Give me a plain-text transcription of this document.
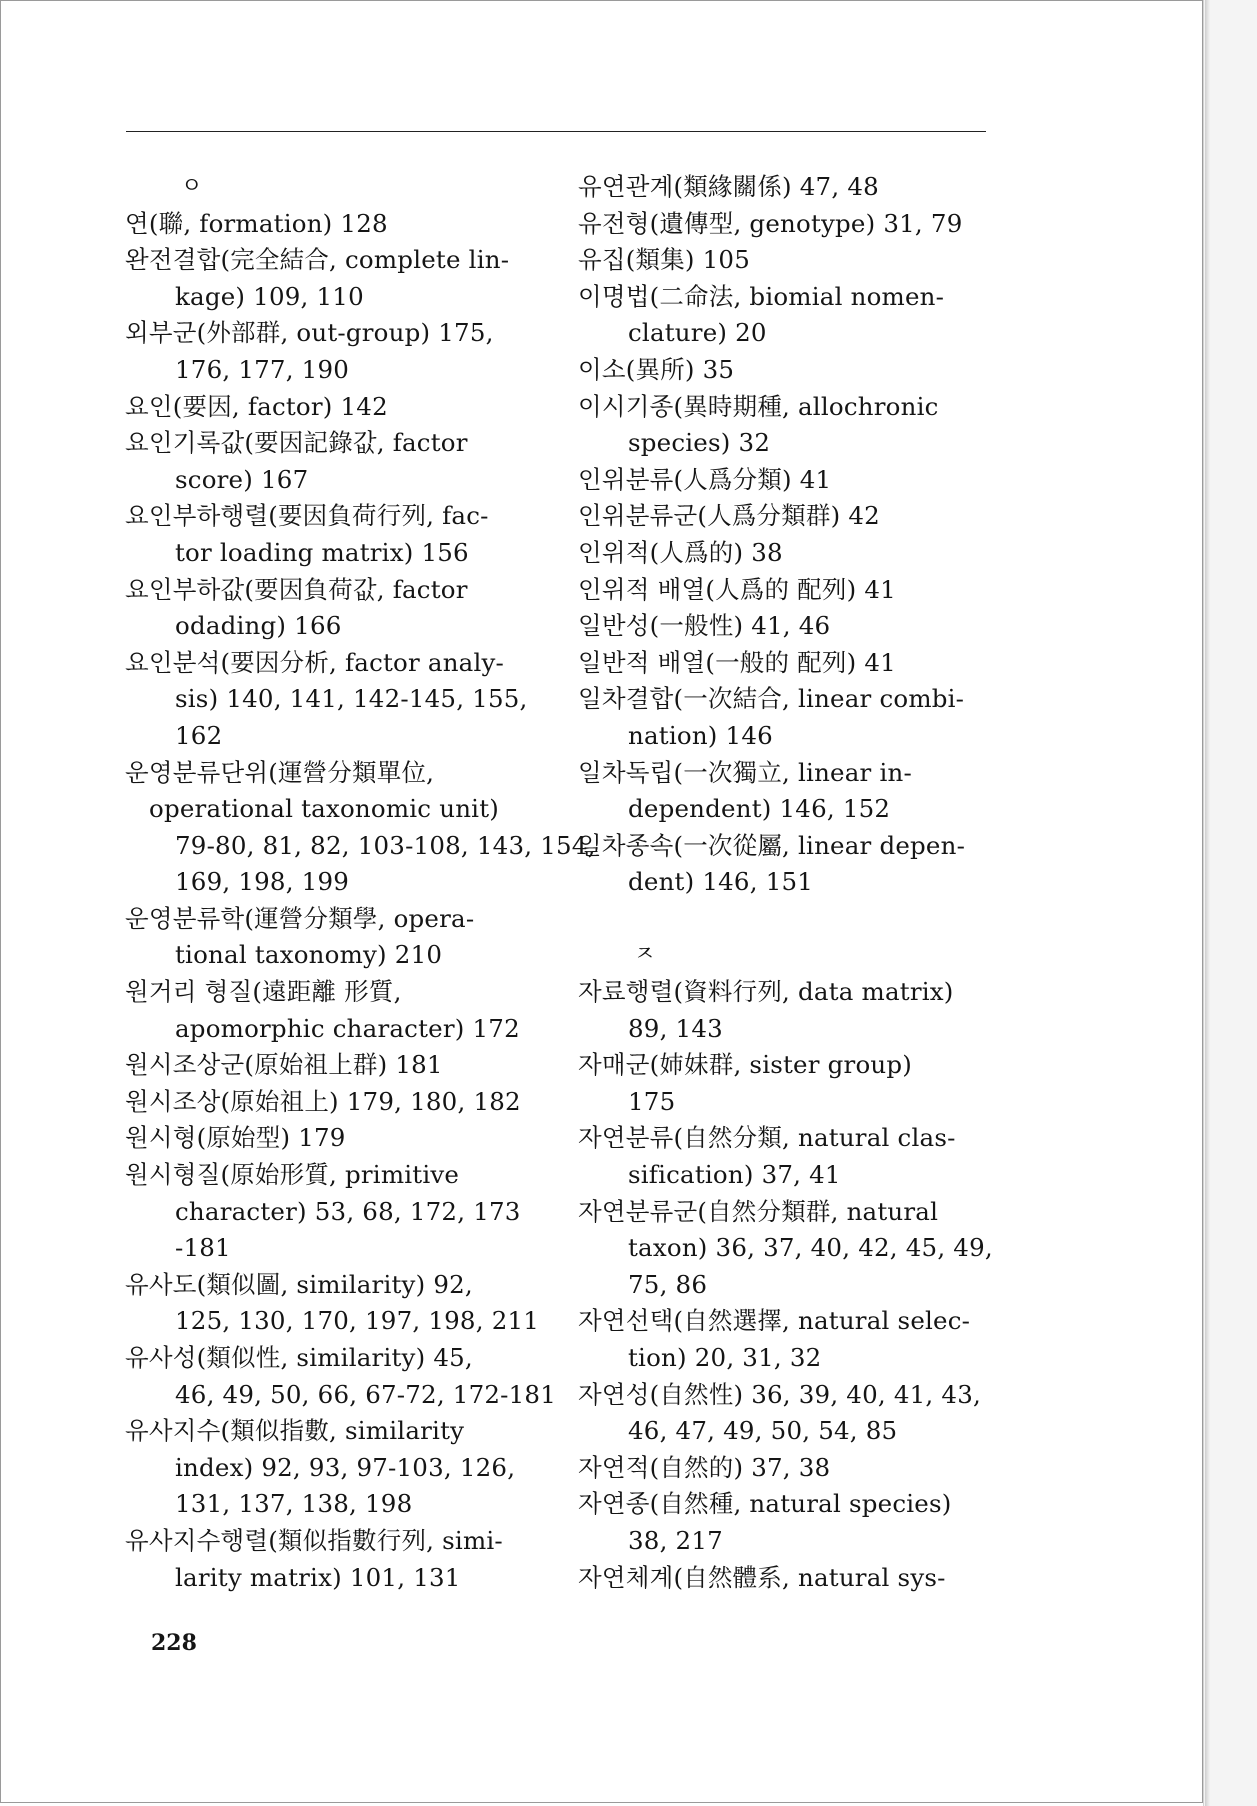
ㅇ
연(聯, formation) 128
완전결합(完全結合, complete lin-
kage) 109, 110
외부군(外部群, out-group) 175,
176, 177, 190
요인(要因, factor) 142
요인기록값(要因記錄값, factor
score) 167
요인부하행렬(要因負荷行列, fac-
tor loading matrix) 156
요인부하값(要因負荷값, factor
odading) 166
요인분석(要因分析, factor analy-
sis) 140, 141, 142-145, 155,
162
운영분류단위(運營分類單位,
operational taxonomic unit)
79-80, 81, 82, 103-108, 143, 154,
169, 198, 199
운영분류학(運營分類學, opera-
tional taxonomy) 210
원거리 형질(遠距離 形質,
apomorphic character) 172
원시조상군(原始祖上群) 181
원시조상(原始祖上) 179, 180, 182
원시형(原始型) 179
원시형질(原始形質, primitive
character) 53, 68, 172, 173
-181
유사도(類似圖, similarity) 92,
125, 130, 170, 197, 198, 211
유사성(類似性, similarity) 45,
46, 49, 50, 66, 67-72, 172-181
유사지수(類似指數, similarity
index) 92, 93, 97-103, 126,
131, 137, 138, 198
유사지수행렬(類似指數行列, simi-
larity matrix) 101, 131
유연관계(類緣關係) 47, 48
유전형(遺傳型, genotype) 31, 79
유집(類集) 105
이명법(二命法, biomial nomen-
clature) 20
이소(異所) 35
이시기종(異時期種, allochronic
species) 32
인위분류(人爲分類) 41
인위분류군(人爲分類群) 42
인위적(人爲的) 38
인위적 배열(人爲的 配列) 41
일반성(一般性) 41, 46
일반적 배열(一般的 配列) 41
일차결합(一次結合, linear combi-
nation) 146
일차독립(一次獨立, linear in-
dependent) 146, 152
일차종속(一次從屬, linear depen-
dent) 146, 151
ㅈ
자료행렬(資料行列, data matrix)
89, 143
자매군(姉妹群, sister group)
175
자연분류(自然分類, natural clas-
sification) 37, 41
자연분류군(自然分類群, natural
taxon) 36, 37, 40, 42, 45, 49,
75, 86
자연선택(自然選擇, natural selec-
tion) 20, 31, 32
자연성(自然性) 36, 39, 40, 41, 43,
46, 47, 49, 50, 54, 85
자연적(自然的) 37, 38
자연종(自然種, natural species)
38, 217
자연체계(自然體系, natural sys-
228
